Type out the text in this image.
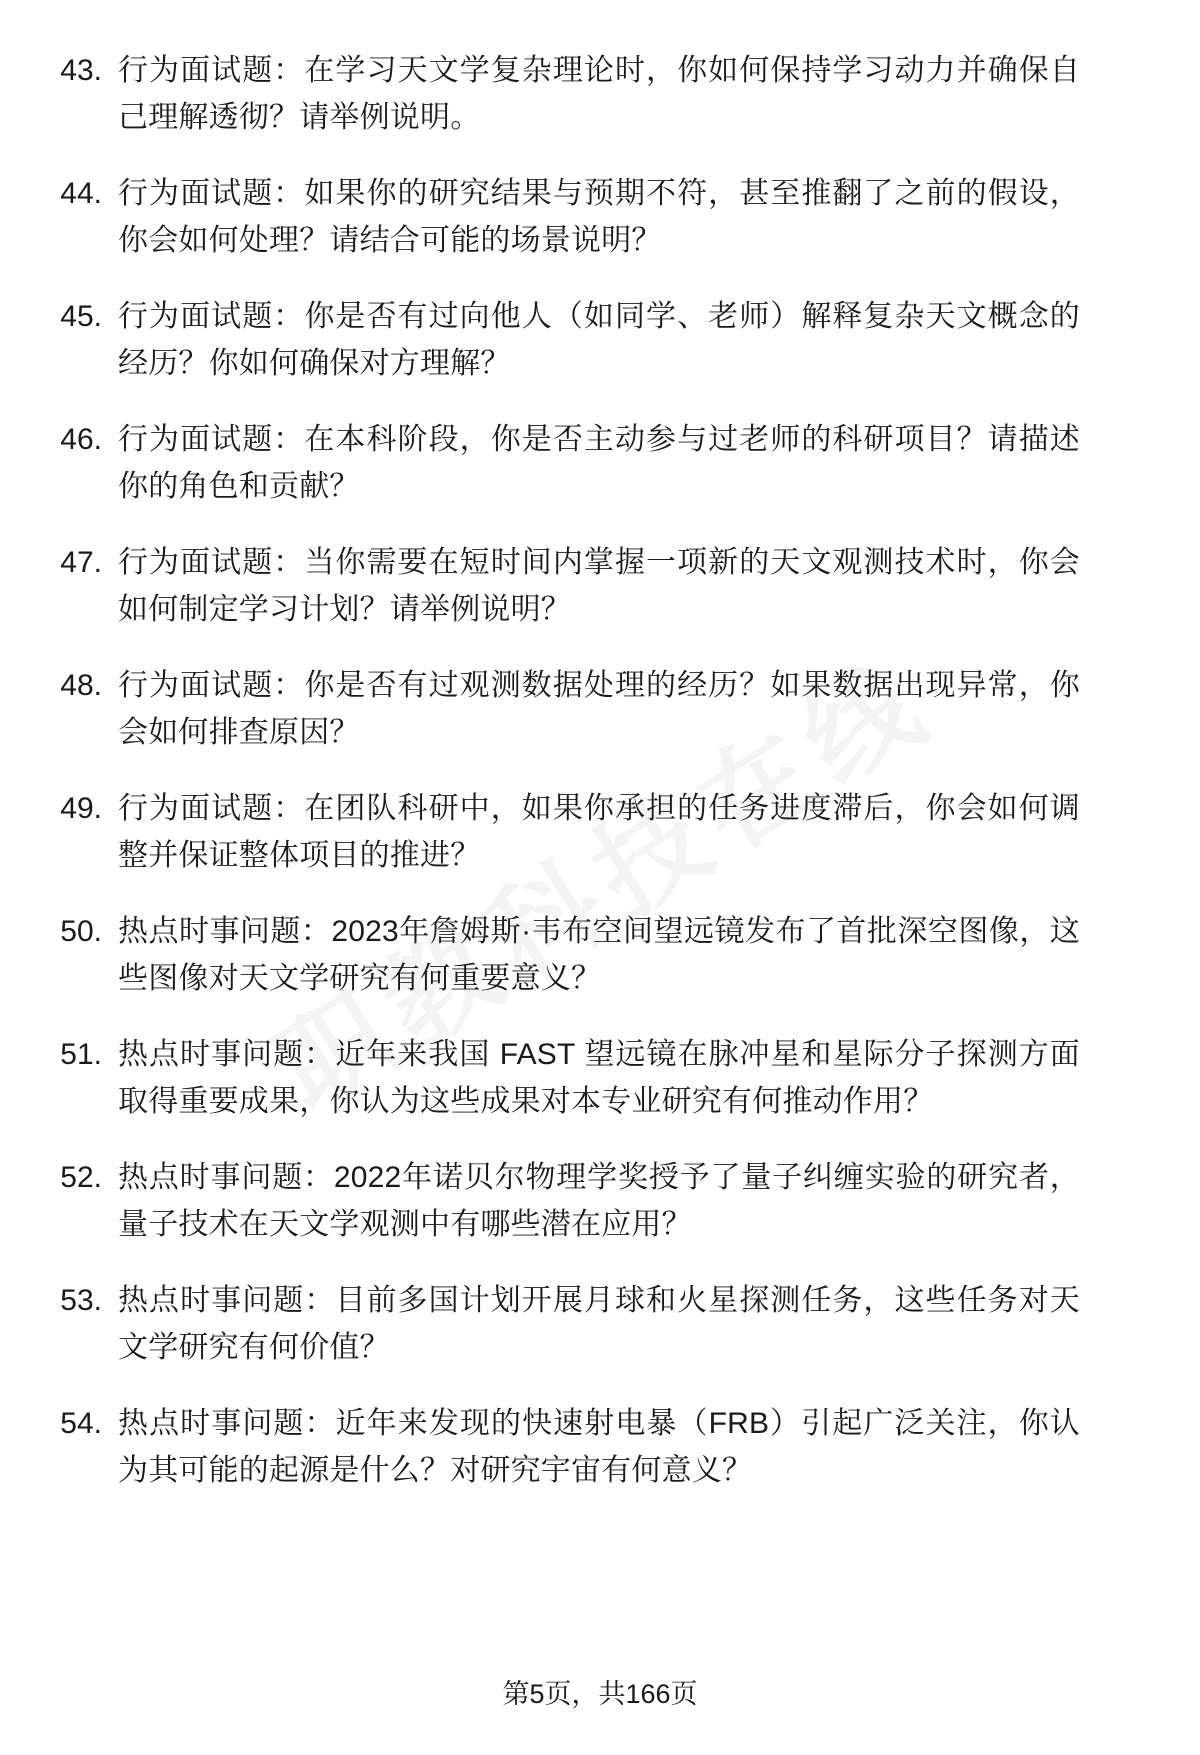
43. 行为面试题：在学习天文学复杂理论时，你如何保持学习动力并确保自己理解透彻？请举例说明。
44. 行为面试题：如果你的研究结果与预期不符，甚至推翻了之前的假设，你会如何处理？请结合可能的场景说明？
45. 行为面试题：你是否有过向他人（如同学、老师）解释复杂天文概念的经历？你如何确保对方理解？
46. 行为面试题：在本科阶段，你是否主动参与过老师的科研项目？请描述你的角色和贡献？
47. 行为面试题：当你需要在短时间内掌握一项新的天文观测技术时，你会如何制定学习计划？请举例说明？
48. 行为面试题：你是否有过观测数据处理的经历？如果数据出现异常，你会如何排查原因？
49. 行为面试题：在团队科研中，如果你承担的任务进度滞后，你会如何调整并保证整体项目的推进？
50. 热点时事问题：2023年詹姆斯·韦布空间望远镜发布了首批深空图像，这些图像对天文学研究有何重要意义？
51. 热点时事问题：近年来我国 FAST 望远镜在脉冲星和星际分子探测方面取得重要成果，你认为这些成果对本专业研究有何推动作用？
52. 热点时事问题：2022年诺贝尔物理学奖授予了量子纠缠实验的研究者，量子技术在天文学观测中有哪些潜在应用？
53. 热点时事问题：目前多国计划开展月球和火星探测任务，这些任务对天文学研究有何价值？
54. 热点时事问题：近年来发现的快速射电暴（FRB）引起广泛关注，你认为其可能的起源是什么？对研究宇宙有何意义？
第5页，共166页
